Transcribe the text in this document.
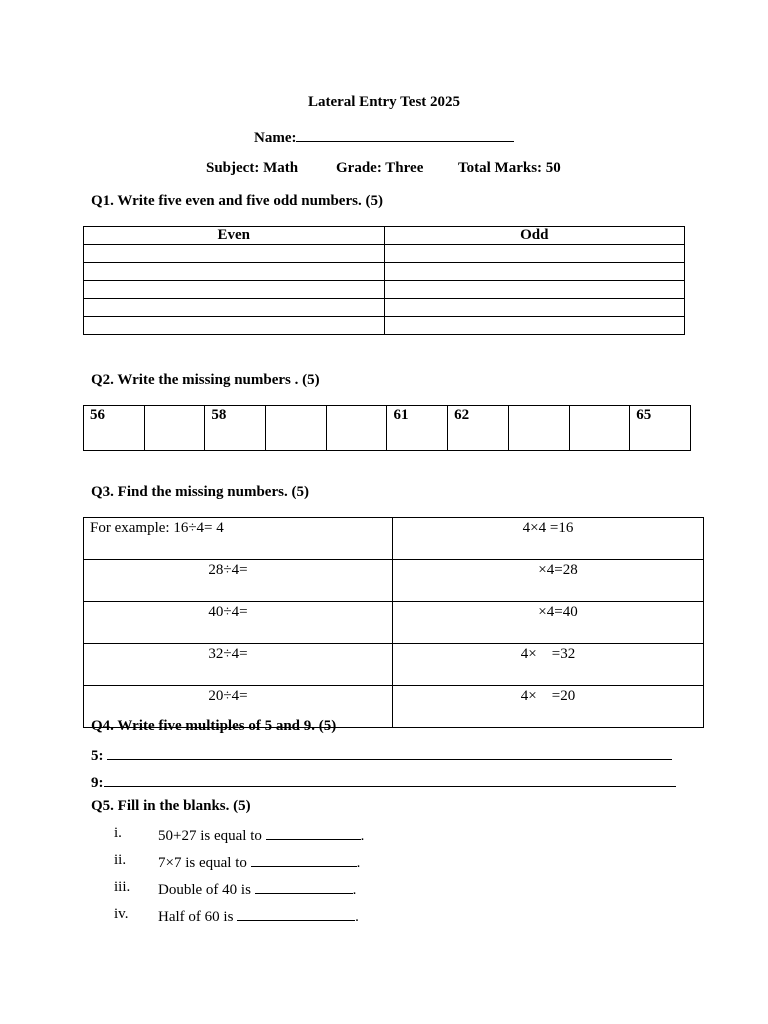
Lateral Entry Test 2025
Name:
Subject: Math	Grade: Three Total Marks: 50
Q1. Write five even and five odd numbers. (5)
Even	Odd

Q2. Write the missing numbers . (5)
56		58			61	62			65
Q3. Find the missing numbers. (5)
For example: 16÷4= 4	4×4 =16
28÷4=	×4=28
40÷4=	×4=40
32÷4=	4×    =32
20÷4=	4×    =20
Q4. Write five multiples of 5 and 9. (5)
5:
9:
Q5. Fill in the blanks. (5)
i.	50+27 is equal to	.
ii.	7×7 is equal to	.
iii.	Double of 40 is	.
iv.	Half of 60 is	.
